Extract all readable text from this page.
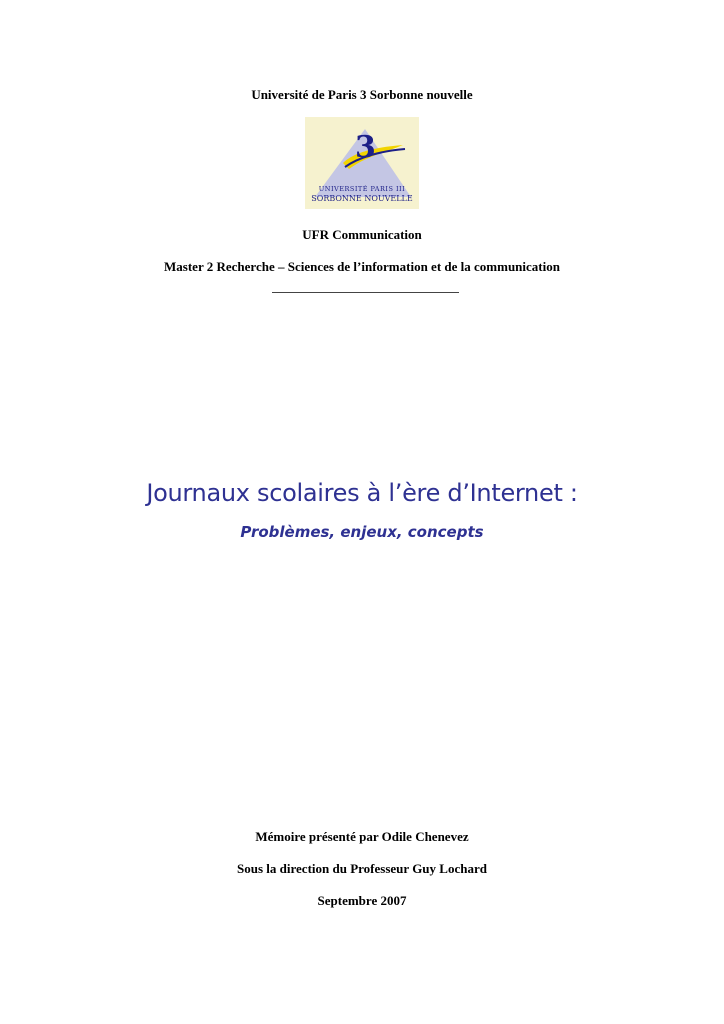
Université de Paris 3 Sorbonne nouvelle
3
UNIVERSITÉ PARIS III
SORBONNE NOUVELLE
UFR Communication
Master 2 Recherche – Sciences de l’information et de la communication
Journaux scolaires à l’ère d’Internet :
Problèmes, enjeux, concepts
Mémoire présenté par Odile Chenevez
Sous la direction du Professeur Guy Lochard
Septembre 2007
